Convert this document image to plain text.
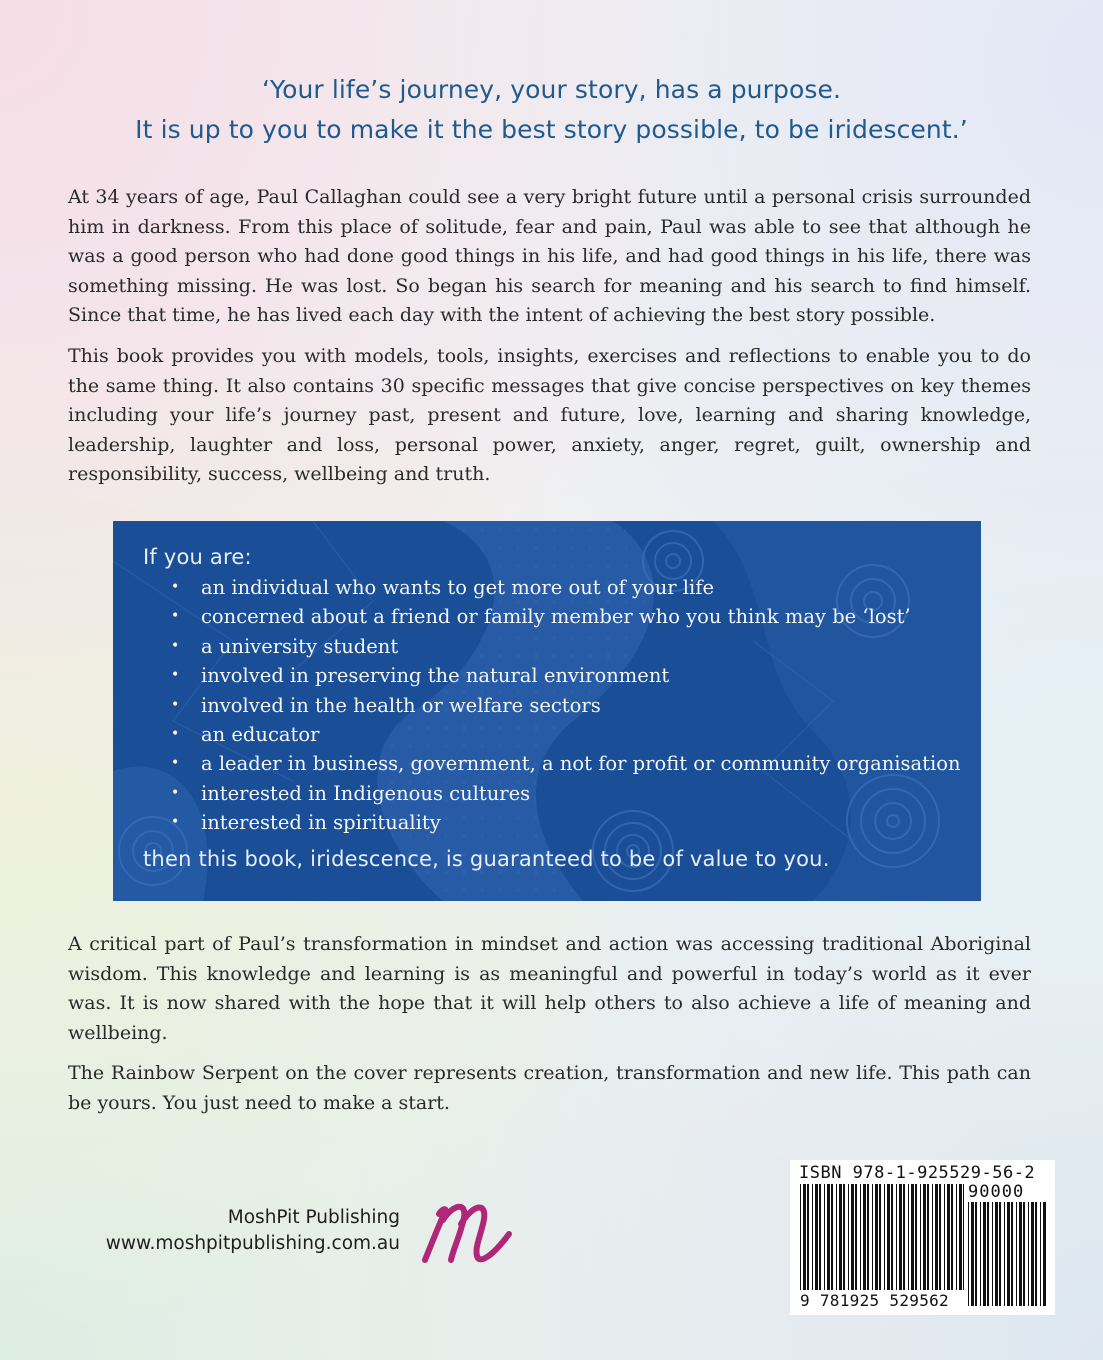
‘Your life’s journey, your story, has a purpose.
It is up to you to make it the best story possible, to be iridescent.’

At 34 years of age, Paul Callaghan could see a very bright future until a personal crisis surrounded him in darkness. From this place of solitude, fear and pain, Paul was able to see that although he was a good person who had done good things in his life, and had good things in his life, there was something missing. He was lost. So began his search for meaning and his search to find himself. Since that time, he has lived each day with the intent of achieving the best story possible.

This book provides you with models, tools, insights, exercises and reflections to enable you to do the same thing. It also contains 30 specific messages that give concise perspectives on key themes including your life’s journey past, present and future, love, learning and sharing knowledge, leadership, laughter and loss, personal power, anxiety, anger, regret, guilt, ownership and responsibility, success, wellbeing and truth.

If you are:
• an individual who wants to get more out of your life
• concerned about a friend or family member who you think may be ‘lost’
• a university student
• involved in preserving the natural environment
• involved in the health or welfare sectors
• an educator
• a leader in business, government, a not for profit or community organisation
• interested in Indigenous cultures
• interested in spirituality
then this book, iridescence, is guaranteed to be of value to you.

A critical part of Paul’s transformation in mindset and action was accessing traditional Aboriginal wisdom. This knowledge and learning is as meaningful and powerful in today’s world as it ever was. It is now shared with the hope that it will help others to also achieve a life of meaning and wellbeing.

The Rainbow Serpent on the cover represents creation, transformation and new life. This path can be yours. You just need to make a start.

MoshPit Publishing
www.moshpitpublishing.com.au
ISBN 978-1-925529-56-2
90000
9 781925 529562
